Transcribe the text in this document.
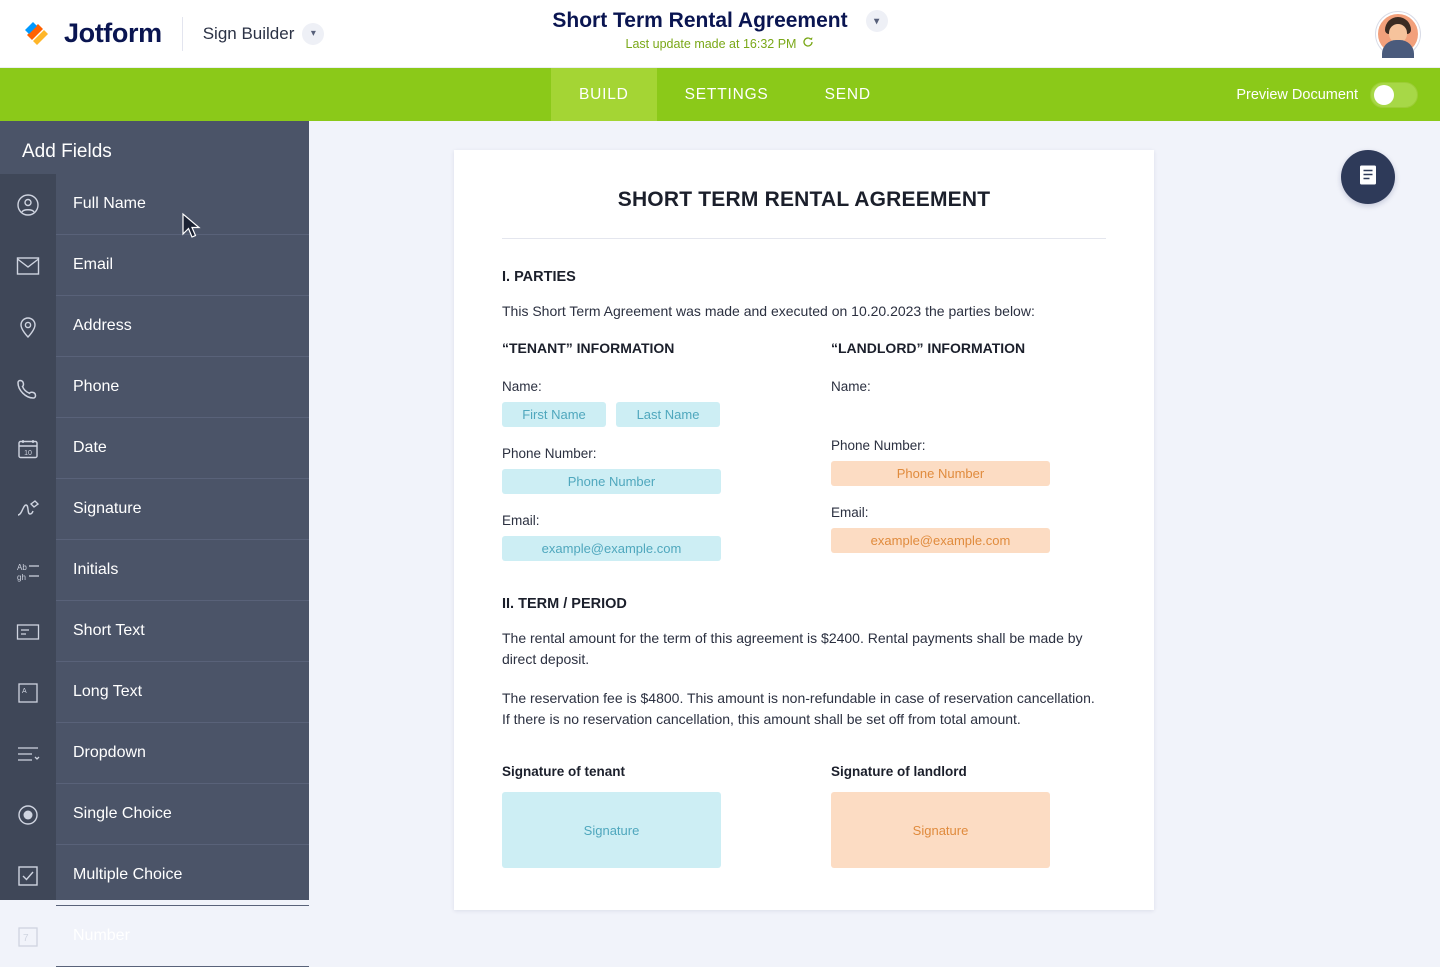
Jotform Sign Builder	▾
Short Term Rental Agreement	▾
Last update made at 16:32 PM
BUILD	SETTINGS	SEND	Preview Document
Add Fields
Full Name
Email
Address
Phone
10	Date
Signature
Ab
gh	Initials
Short Text
A	Long Text
Dropdown
Single Choice
Multiple Choice
7	Number
SHORT TERM RENTAL AGREEMENT
I. PARTIES
This Short Term Agreement was made and executed on 10.20.2023 the parties below:
“TENANT” INFORMATION
Name:
First Name	Last Name
Phone Number:
Phone Number
Email:
example@example.com
“LANDLORD” INFORMATION
Name:
Phone Number:
Phone Number
Email:
example@example.com
II. TERM / PERIOD
The rental amount for the term of this agreement is $2400. Rental payments shall be made by direct deposit.
The reservation fee is $4800. This amount is non-refundable in case of reservation cancellation. If there is no reservation cancellation, this amount shall be set off from total amount.
Signature of tenant
Signature
Signature of landlord
Signature
